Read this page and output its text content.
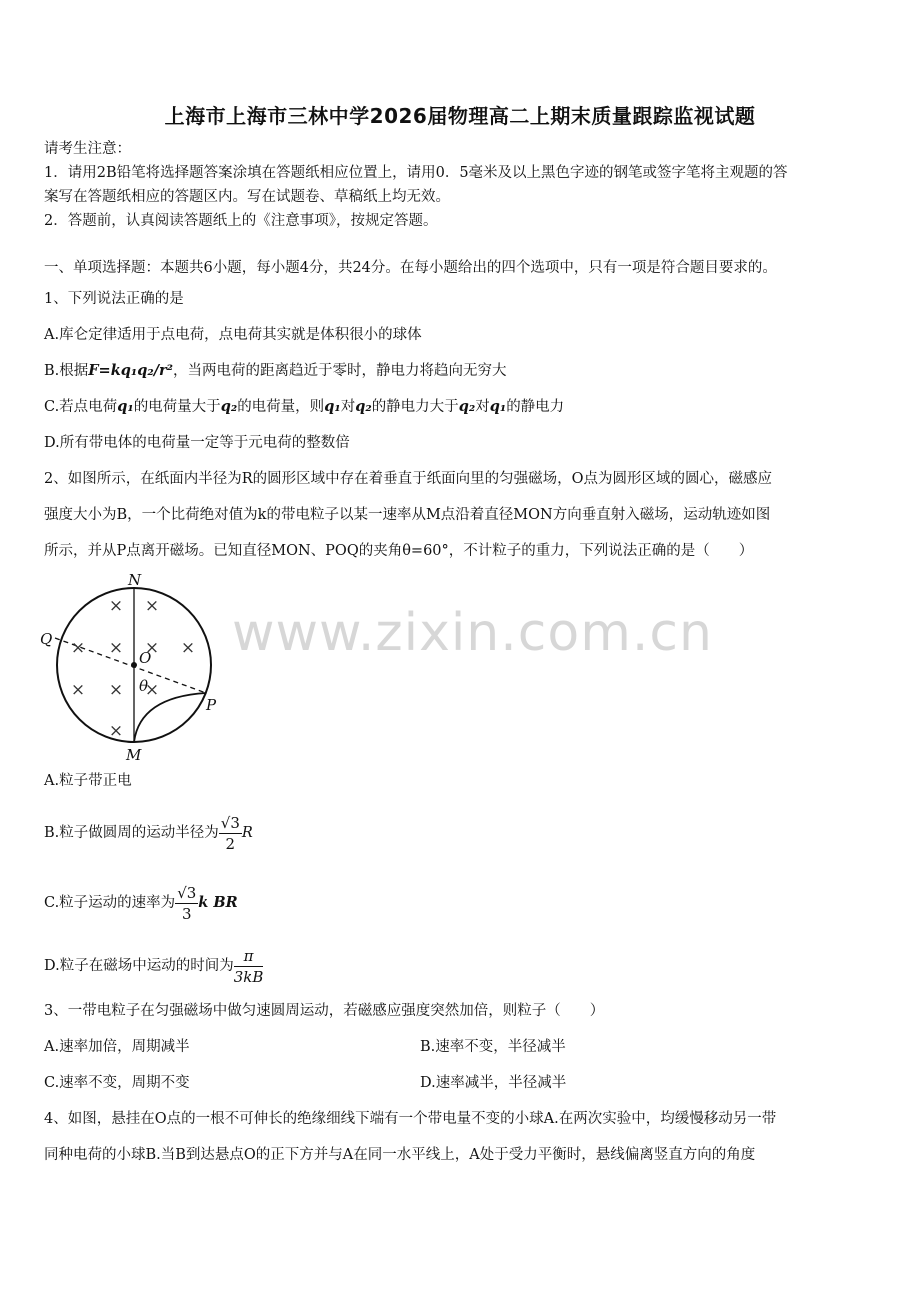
上海市上海市三林中学2026届物理高二上期末质量跟踪监视试题
请考生注意：
1．请用2B铅笔将选择题答案涂填在答题纸相应位置上，请用0．5毫米及以上黑色字迹的钢笔或签字笔将主观题的答
案写在答题纸相应的答题区内。写在试题卷、草稿纸上均无效。
2．答题前，认真阅读答题纸上的《注意事项》，按规定答题。
一、单项选择题：本题共6小题，每小题4分，共24分。在每小题给出的四个选项中，只有一项是符合题目要求的。
1、下列说法正确的是
A.库仑定律适用于点电荷，点电荷其实就是体积很小的球体
B.根据F=kq₁q₂/r²，当两电荷的距离趋近于零时，静电力将趋向无穷大
C.若点电荷q₁的电荷量大于q₂的电荷量，则q₁对q₂的静电力大于q₂对q₁的静电力
D.所有带电体的电荷量一定等于元电荷的整数倍
2、如图所示，在纸面内半径为R的圆形区域中存在着垂直于纸面向里的匀强磁场，O点为圆形区域的圆心，磁感应
强度大小为B，一个比荷绝对值为k的带电粒子以某一速率从M点沿着直径MON方向垂直射入磁场，运动轨迹如图
所示，并从P点离开磁场。已知直径MON、POQ的夹角θ=60°，不计粒子的重力，下列说法正确的是（　　）
× ×
× × × ×
× × ×
×
N
M
Q
O
P
θ
www.zixin.com.cn
A.粒子带正电
B.粒子做圆周的运动半径为 $\frac{√3}{2}$ R
C.粒子运动的速率为 $\frac{√3}{3}$ k BR
D.粒子在磁场中运动的时间为 $\frac{\pi}{3kB}$
3、一带电粒子在匀强磁场中做匀速圆周运动，若磁感应强度突然加倍，则粒子（　　）
A.速率加倍，周期减半	B.速率不变，半径减半
C.速率不变，周期不变	D.速率减半，半径减半
4、如图，悬挂在O点的一根不可伸长的绝缘细线下端有一个带电量不变的小球A.在两次实验中，均缓慢移动另一带
同种电荷的小球B.当B到达悬点O的正下方并与A在同一水平线上，A处于受力平衡时，悬线偏离竖直方向的角度
